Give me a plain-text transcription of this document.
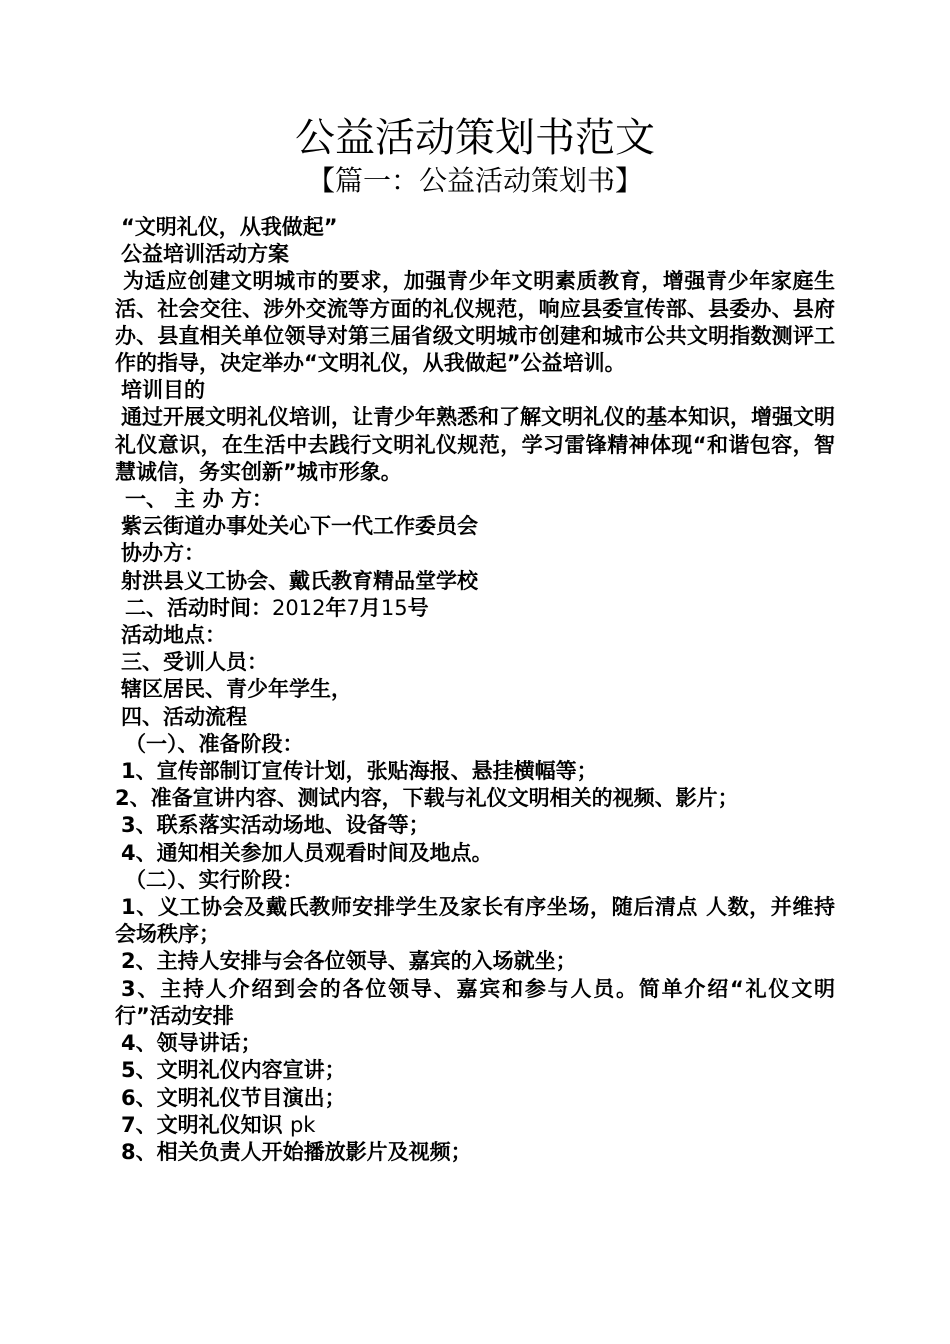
公益活动策划书范文
【篇一：公益活动策划书】
“文明礼仪，从我做起”
公益培训活动方案
为适应创建文明城市的要求，加强青少年文明素质教育，增强青少年家庭生活、社会交往、涉外交流等方面的礼仪规范，响应县委宣传部、县委办、县府办、县直相关单位领导对第三届省级文明城市创建和城市公共文明指数测评工作的指导，决定举办“文明礼仪，从我做起”公益培训。
培训目的
通过开展文明礼仪培训，让青少年熟悉和了解文明礼仪的基本知识，增强文明礼仪意识，在生活中去践行文明礼仪规范，学习雷锋精神体现“和谐包容，智慧诚信，务实创新”城市形象。
一、 主 办 方：
紫云街道办事处关心下一代工作委员会
协办方：
射洪县义工协会、戴氏教育精品堂学校
二、活动时间：2012年7月15号
活动地点：
三、受训人员：
辖区居民、青少年学生，
四、活动流程
（一）、准备阶段：
1、宣传部制订宣传计划，张贴海报、悬挂横幅等；
2、准备宣讲内容、测试内容，下载与礼仪文明相关的视频、影片；
3、联系落实活动场地、设备等；
4、通知相关参加人员观看时间及地点。
（二）、实行阶段：
1、义工协会及戴氏教师安排学生及家长有序坐场，随后清点 人数，并维持会场秩序；
2、主持人安排与会各位领导、嘉宾的入场就坐；
3、主持人介绍到会的各位领导、嘉宾和参与人员。简单介绍“礼仪文明行”活动安排
4、领导讲话；
5、文明礼仪内容宣讲；
6、文明礼仪节目演出；
7、文明礼仪知识 pk
8、相关负责人开始播放影片及视频；
